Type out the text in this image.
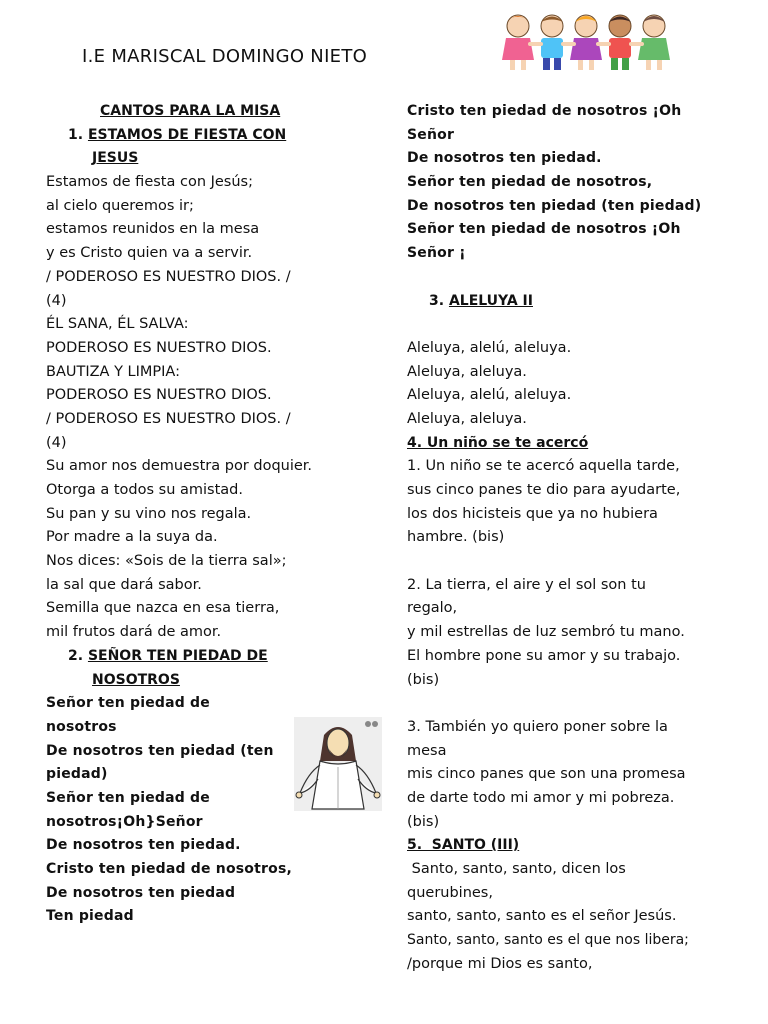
I.E MARISCAL DOMINGO NIETO
CANTOS PARA LA MISA
1. ESTAMOS DE FIESTA CON
JESUS
Estamos de fiesta con Jesús;
al cielo queremos ir;
estamos reunidos en la mesa
y es Cristo quien va a servir.
/ PODEROSO ES NUESTRO DIOS. /
(4)
ÉL SANA, ÉL SALVA:
PODEROSO ES NUESTRO DIOS.
BAUTIZA Y LIMPIA:
PODEROSO ES NUESTRO DIOS.
/ PODEROSO ES NUESTRO DIOS. /
(4)
Su amor nos demuestra por doquier.
Otorga a todos su amistad.
Su pan y su vino nos regala.
Por madre a la suya da.
Nos dices: «Sois de la tierra sal»;
la sal que dará sabor.
Semilla que nazca en esa tierra,
mil frutos dará de amor.
2. SEÑOR TEN PIEDAD DE
NOSOTROS
Señor ten piedad de
nosotros
De nosotros ten piedad (ten
piedad)
Señor ten piedad de
nosotros¡Oh}Señor
De nosotros ten piedad.
Cristo ten piedad de nosotros,
De nosotros ten piedad
Ten piedad
Cristo ten piedad de nosotros ¡Oh
Señor
De nosotros ten piedad.
Señor ten piedad de nosotros,
De nosotros ten piedad (ten piedad)
Señor ten piedad de nosotros ¡Oh
Señor ¡
3. ALELUYA II
Aleluya, alelú, aleluya.
Aleluya, aleluya.
Aleluya, alelú, aleluya.
Aleluya, aleluya.
4. Un niño se te acercó
1. Un niño se te acercó aquella tarde,
sus cinco panes te dio para ayudarte,
los dos hicisteis que ya no hubiera
hambre. (bis)
2. La tierra, el aire y el sol son tu
regalo,
y mil estrellas de luz sembró tu mano.
El hombre pone su amor y su trabajo.
(bis)
3. También yo quiero poner sobre la
mesa
mis cinco panes que son una promesa
de darte todo mi amor y mi pobreza.
(bis)
5.  SANTO (III)
Santo, santo, santo, dicen los
querubines,
santo, santo, santo es el señor Jesús.
Santo, santo, santo es el que nos libera;
/porque mi Dios es santo,
